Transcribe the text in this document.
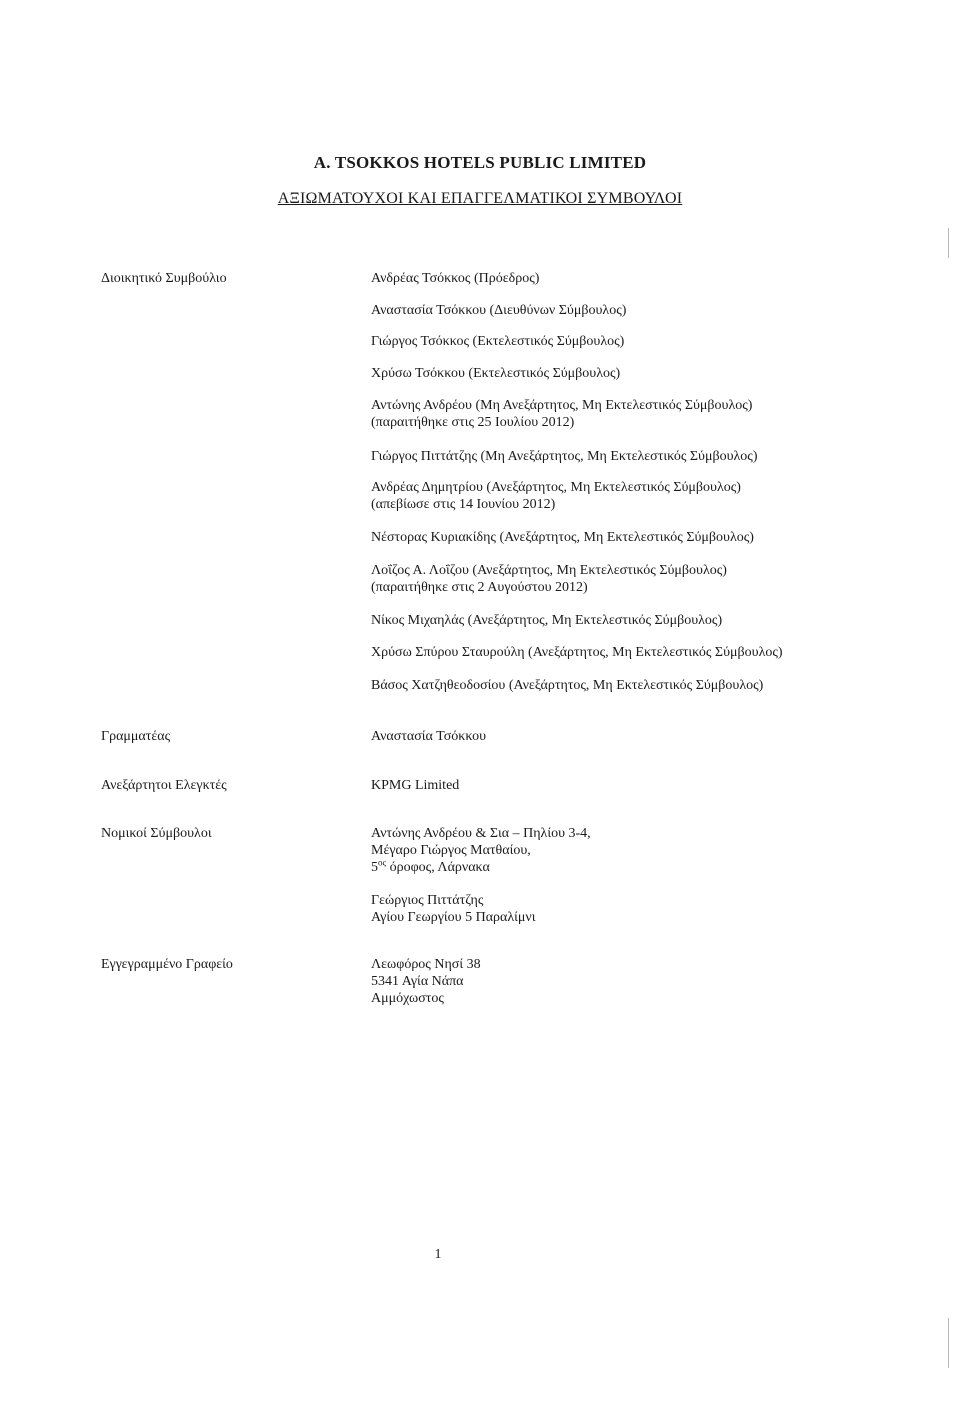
A. TSOKKOS HOTELS PUBLIC LIMITED
ΑΞΙΩΜΑΤΟΥΧΟΙ ΚΑΙ ΕΠΑΓΓΕΛΜΑΤΙΚΟΙ ΣΥΜΒΟΥΛΟΙ
Διοικητικό Συμβούλιο	Ανδρέας Τσόκκος (Πρόεδρος)
Αναστασία Τσόκκου (Διευθύνων Σύμβουλος)
Γιώργος Τσόκκος (Εκτελεστικός Σύμβουλος)
Χρύσω Τσόκκου (Εκτελεστικός Σύμβουλος)
Αντώνης Ανδρέου (Μη Ανεξάρτητος, Μη Εκτελεστικός Σύμβουλος)
(παραιτήθηκε στις 25 Ιουλίου 2012)
Γιώργος Πιττάτζης (Μη Ανεξάρτητος, Μη Εκτελεστικός Σύμβουλος)
Ανδρέας Δημητρίου (Ανεξάρτητος, Μη Εκτελεστικός Σύμβουλος)
(απεβίωσε στις 14 Ιουνίου 2012)
Νέστορας Κυριακίδης (Ανεξάρτητος, Μη Εκτελεστικός Σύμβουλος)
Λοΐζος Α. Λοΐζου (Ανεξάρτητος, Μη Εκτελεστικός Σύμβουλος)
(παραιτήθηκε στις 2 Αυγούστου 2012)
Νίκος Μιχαηλάς (Ανεξάρτητος, Μη Εκτελεστικός Σύμβουλος)
Χρύσω Σπύρου Σταυρούλη (Ανεξάρτητος, Μη Εκτελεστικός Σύμβουλος)
Βάσος Χατζηθεοδοσίου (Ανεξάρτητος, Μη Εκτελεστικός Σύμβουλος)
Γραμματέας	Αναστασία Τσόκκου
Ανεξάρτητοι Ελεγκτές	KPMG Limited
Νομικοί Σύμβουλοι	Αντώνης Ανδρέου & Σια – Πηλίου 3-4,
Μέγαρο Γιώργος Ματθαίου,
$5^{o\varsigma}$ όροφος, Λάρνακα
Γεώργιος Πιττάτζης
Αγίου Γεωργίου 5 Παραλίμνι
Εγγεγραμμένο Γραφείο	Λεωφόρος Νησί 38
5341 Αγία Νάπα
Αμμόχωστος
1
